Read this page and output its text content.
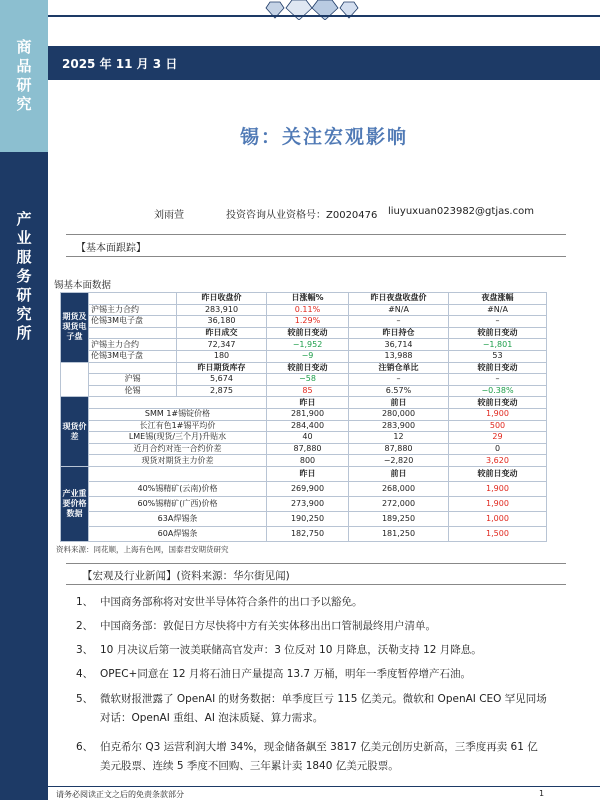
商
品
研
究
产
业
服
务
研
究
所
2025 年 11 月 3 日
锡：关注宏观影响
刘雨萱	投资咨询从业资格号：Z0020476 liuyuxuan023982@gtjas.com
【基本面跟踪】
锡基本面数据
期货及现货电子盘		昨日收盘价	日涨幅%	昨日夜盘收盘价	夜盘涨幅
	沪锡主力合约	283,910	0.11%	#N/A	#N/A
	伦锡3M电子盘	36,180	1.29%	–	–
		昨日成交	较前日变动	昨日持仓	较前日变动
	沪锡主力合约	72,347	−1,952	36,714	−1,801
	伦锡3M电子盘	180	−9	13,988	53
		昨日期货库存	较前日变动	注销仓单比	较前日变动
	沪锡	5,674	−58	–	–
	伦锡	2,875	85	6.57%	−0.38%
现货价差			昨日	前日	较前日变动
	SMM 1#锡锭价格		281,900	280,000	1,900
	长江有色1#锡平均价		284,400	283,900	500
	LME锡(现货/三个月)升贴水		40	12	29
	近月合约对连一合约价差		87,880	87,880	0
	现货对期货主力价差		800	−2,820	3,620
产业重要价格数据			昨日	前日	较前日变动
	40%锡精矿(云南)价格		269,900	268,000	1,900
	60%锡精矿(广西)价格		273,900	272,000	1,900
	63A焊锡条		190,250	189,250	1,000
	60A焊锡条		182,750	181,250	1,500
资料来源：同花顺，上海有色网，国泰君安期货研究
【宏观及行业新闻】(资料来源：华尔街见闻)
1、 中国商务部称将对安世半导体符合条件的出口予以豁免。
2、 中国商务部：敦促日方尽快将中方有关实体移出出口管制最终用户清单。
3、 10 月决议后第一波美联储高官发声：3 位反对 10 月降息，沃勒支持 12 月降息。
4、 OPEC+同意在 12 月将石油日产量提高 13.7 万桶，明年一季度暂停增产石油。
5、 微软财报泄露了 OpenAI 的财务数据：单季度巨亏 115 亿美元。微软和 OpenAI CEO 罕见同场对话：OpenAI 重组、AI 泡沫质疑、算力需求。
6、 伯克希尔 Q3 运营利润大增 34%，现金储备飙至 3817 亿美元创历史新高，三季度再卖 61 亿美元股票、连续 5 季度不回购、三年累计卖 1840 亿美元股票。
请务必阅读正文之后的免责条款部分	1
